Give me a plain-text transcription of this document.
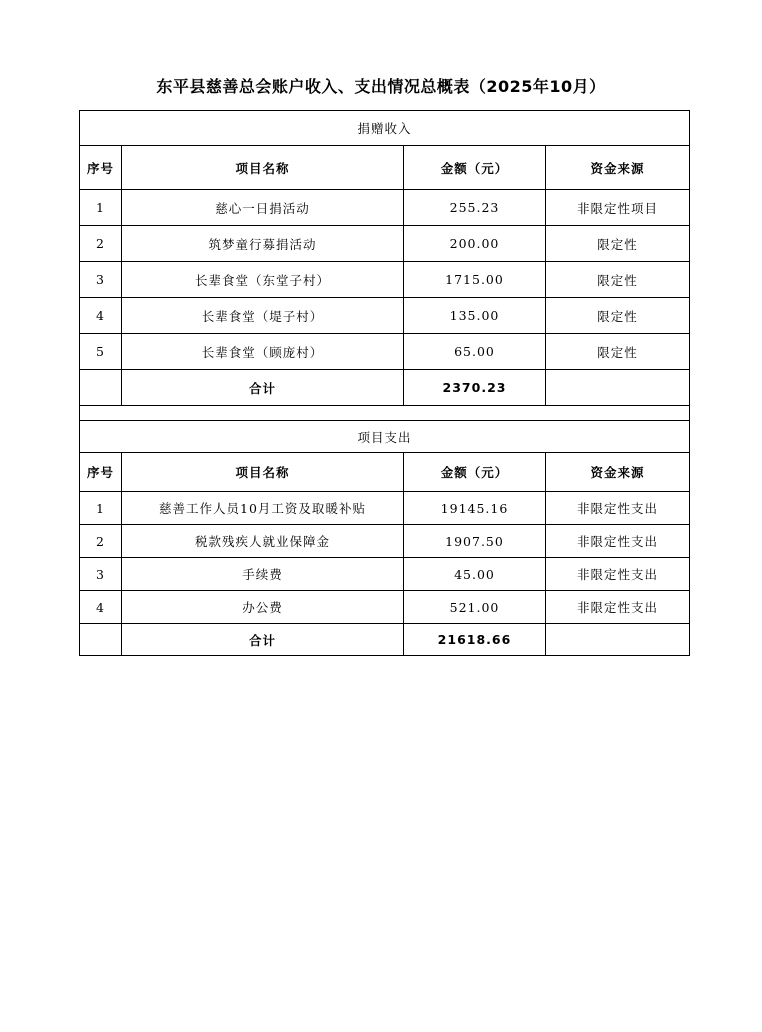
东平县慈善总会账户收入、支出情况总概表（2025年10月）
捐赠收入			
序号	项目名称	金额（元）	资金来源
1	慈心一日捐活动	255.23	非限定性项目
2	筑梦童行募捐活动	200.00	限定性
3	长辈食堂（东堂子村）	1715.00	限定性
4	长辈食堂（堤子村）	135.00	限定性
5	长辈食堂（顾庞村）	65.00	限定性
	合计	2370.23	

项目支出			
序号	项目名称	金额（元）	资金来源
1	慈善工作人员10月工资及取暖补贴	19145.16	非限定性支出
2	税款残疾人就业保障金	1907.50	非限定性支出
3	手续费	45.00	非限定性支出
4	办公费	521.00	非限定性支出
	合计	21618.66	
